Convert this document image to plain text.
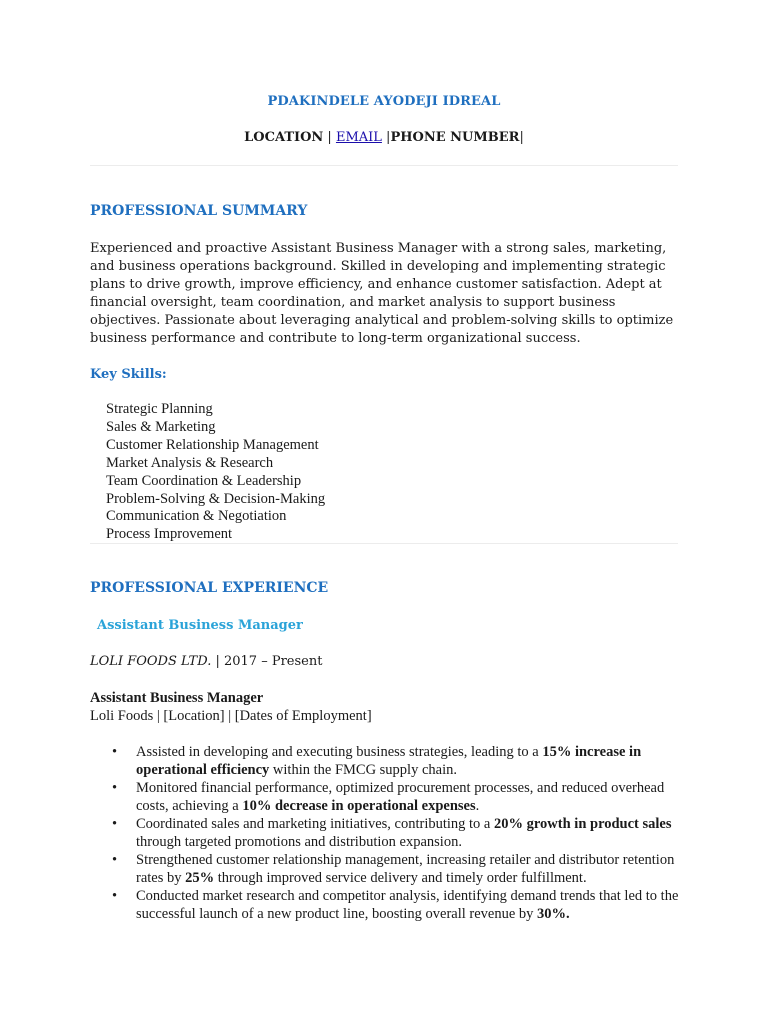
PDAKINDELE AYODEJI IDREAL
LOCATION | EMAIL |PHONE NUMBER|
PROFESSIONAL SUMMARY
Experienced and proactive Assistant Business Manager with a strong sales, marketing, and business operations background. Skilled in developing and implementing strategic plans to drive growth, improve efficiency, and enhance customer satisfaction. Adept at financial oversight, team coordination, and market analysis to support business objectives. Passionate about leveraging analytical and problem-solving skills to optimize business performance and contribute to long-term organizational success.
Key Skills:
Strategic Planning
Sales & Marketing
Customer Relationship Management
Market Analysis & Research
Team Coordination & Leadership
Problem-Solving & Decision-Making
Communication & Negotiation
Process Improvement
PROFESSIONAL EXPERIENCE
Assistant Business Manager
LOLI FOODS LTD. | 2017 – Present
Assistant Business Manager
Loli Foods | [Location] | [Dates of Employment]
• Assisted in developing and executing business strategies, leading to a 15% increase in operational efficiency within the FMCG supply chain.
• Monitored financial performance, optimized procurement processes, and reduced overhead costs, achieving a 10% decrease in operational expenses.
• Coordinated sales and marketing initiatives, contributing to a 20% growth in product sales through targeted promotions and distribution expansion.
• Strengthened customer relationship management, increasing retailer and distributor retention rates by 25% through improved service delivery and timely order fulfillment.
• Conducted market research and competitor analysis, identifying demand trends that led to the successful launch of a new product line, boosting overall revenue by 30%.
